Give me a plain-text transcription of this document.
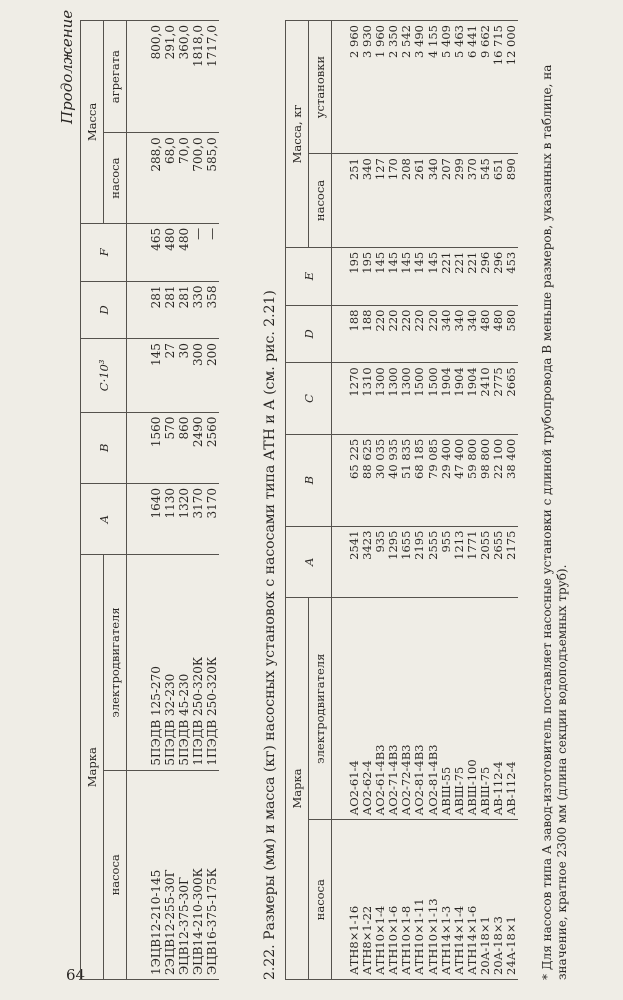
64
Продолжение
Марка		A	B	C·10³	D	F	Масса	
насоса	электродвигателя						насоса	агрегата
1ЭЦВ12-210-145	5ПЭДВ 125-270	1640	1560	145	281	465	288,0	800,0
2ЭЦВ12-255-30Г	5ПЭДВ 32-230	1130	570	27	281	480	68,0	291,0
ЭЦВ12-375-30Г	5ПЭДВ 45-230	1320	860	30	281	480	70,0	360,0
ЭЦВ14-210-300К	1ПЭДВ 250-320К	3170	2490	300	330	—	700,0	1818,0
ЭЦВ16-375-175К	1ПЭДВ 250-320К	3170	2560	200	358	—	585,0	1717,0
2.22. Размеры (мм) и масса (кг) насосных установок с насосами типа АТН и А (см. рис. 2.21) Марка		A	B	C	D	E	Масса, кг	
насоса	электродвигателя						насоса	установки
АТН8×1-16	АО2-61-4	2541	65 225	1270	188	195	251	2 960
АТН8×1-22	АО2-62-4	3423	88 625	1310	188	195	340	3 930
АТН10×1-4	АО2-61-4В3	935	30 035	1300	220	145	127	1 960
АТН10×1-6	АО2-71-4В3	1295	40 935	1300	220	145	170	2 350
АТН10×1-8	АО2-72-4В3	1655	51 835	1300	220	145	208	2 542
АТН10×1-11	АО2-81-4В3	2195	68 185	1500	220	145	261	3 490
АТН10×1-13	АО2-81-4В3	2555	79 085	1500	220	145	340	4 155
АТН14×1-3	АВШ-55	955	29 400	1904	340	221	207	5 409
АТН14×1-4	АВШ-75	1213	47 400	1904	340	221	299	5 463
АТН14×1-6	АВШ-100	1771	59 800	1904	340	221	370	6 441
20А-18×1	АВШ-75	2055	98 800	2410	480	296	545	9 662
20А-18×3	АВ-112-4	2655	22 100	2775	480	296	651	16 715
24А-18×1	АВ-112-4	2175	38 400	2665	580	453	890	12 000
* Для насосов типа А завод-изготовитель поставляет насосные установки с длиной трубопровода B меньше размеров, указанных в таблице, на значение, кратное 2300 мм (длина секции водоподъемных труб).
